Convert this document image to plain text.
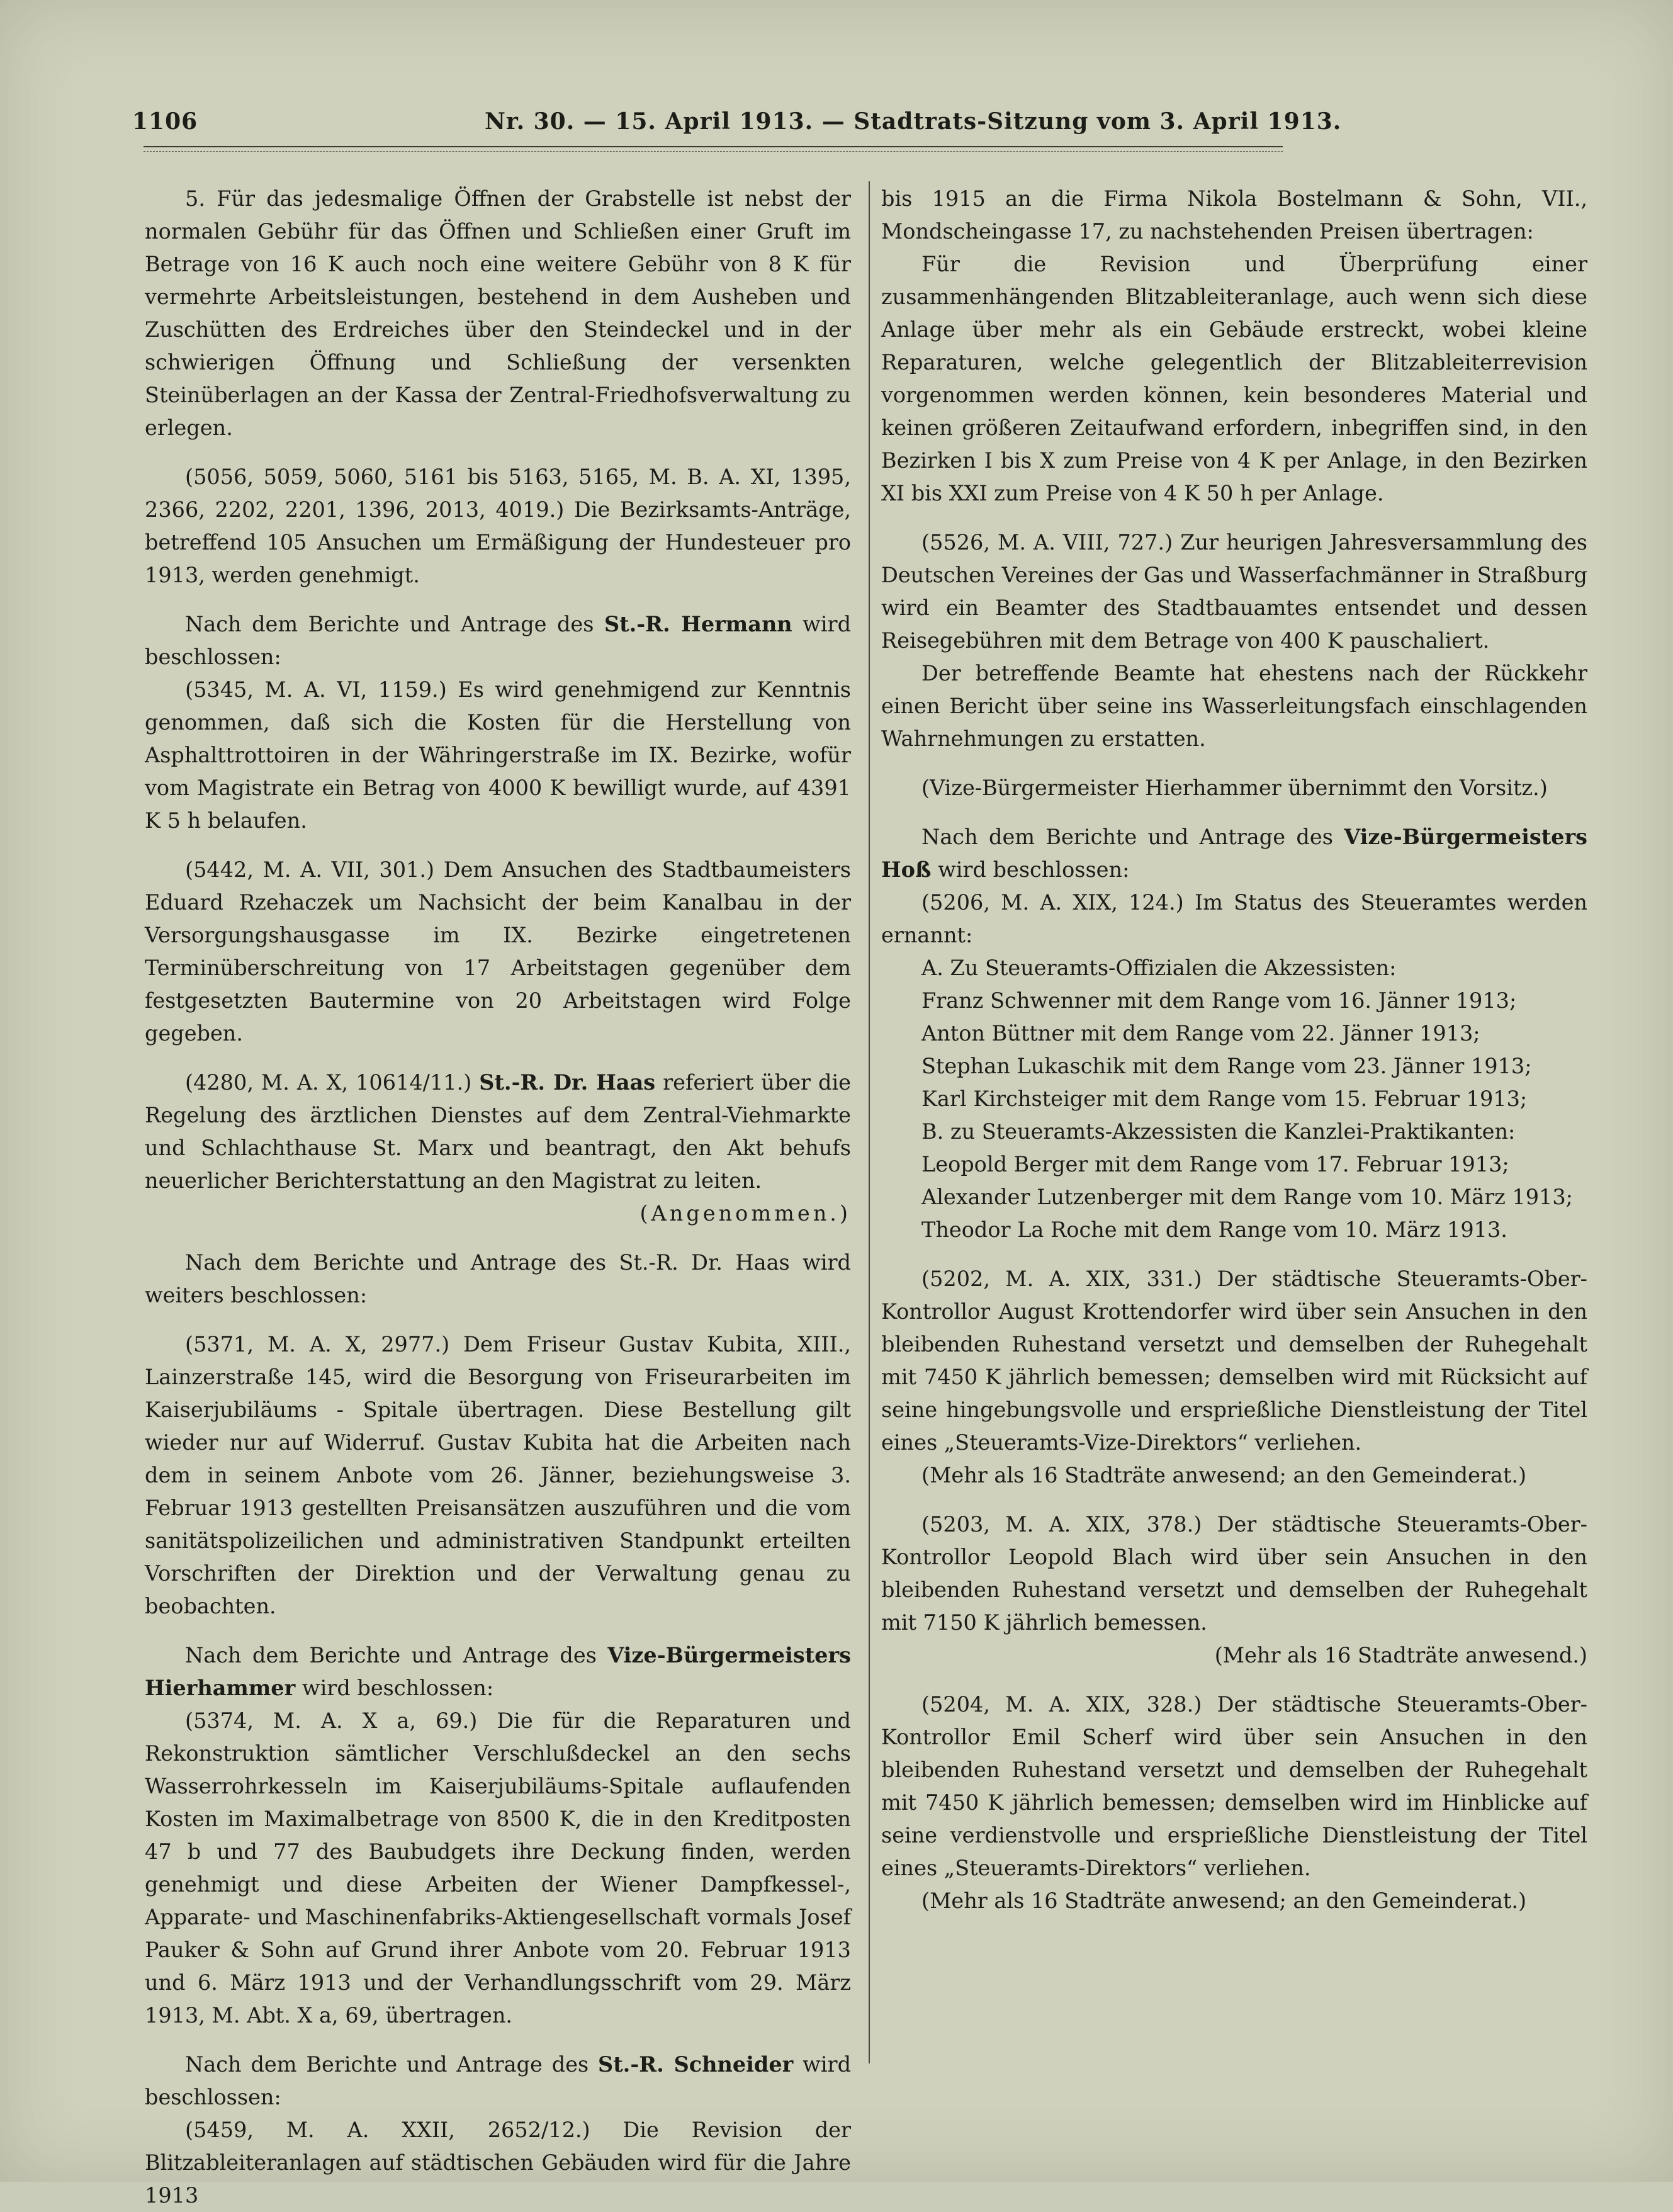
1106	Nr. 30. — 15. April 1913. — Stadtrats-Sitzung vom 3. April 1913.

5. Für das jedesmalige Öffnen der Grabstelle ist nebst der normalen Gebühr für das Öffnen und Schließen einer Gruft im Betrage von 16 K auch noch eine weitere Gebühr von 8 K für vermehrte Arbeitsleistungen, bestehend in dem Ausheben und Zuschütten des Erdreiches über den Steindeckel und in der schwierigen Öffnung und Schließung der versenkten Steinüberlagen an der Kassa der Zentral-Friedhofsverwaltung zu erlegen.

(5056, 5059, 5060, 5161 bis 5163, 5165, M. B. A. XI, 1395, 2366, 2202, 2201, 1396, 2013, 4019.) Die Bezirksamts-Anträge, betreffend 105 Ansuchen um Ermäßigung der Hundesteuer pro 1913, werden genehmigt.

Nach dem Berichte und Antrage des St.-R. Hermann wird beschlossen:

(5345, M. A. VI, 1159.) Es wird genehmigend zur Kenntnis genommen, daß sich die Kosten für die Herstellung von Asphalttrottoiren in der Währingerstraße im IX. Bezirke, wofür vom Magistrate ein Betrag von 4000 K bewilligt wurde, auf 4391 K 5 h belaufen.

(5442, M. A. VII, 301.) Dem Ansuchen des Stadtbaumeisters Eduard Rzehaczek um Nachsicht der beim Kanalbau in der Versorgungshausgasse im IX. Bezirke eingetretenen Terminüberschreitung von 17 Arbeitstagen gegenüber dem festgesetzten Bautermine von 20 Arbeitstagen wird Folge gegeben.

(4280, M. A. X, 10614/11.) St.-R. Dr. Haas referiert über die Regelung des ärztlichen Dienstes auf dem Zentral-Viehmarkte und Schlachthause St. Marx und beantragt, den Akt behufs neuerlicher Berichterstattung an den Magistrat zu leiten.

(Angenommen.)

Nach dem Berichte und Antrage des St.-R. Dr. Haas wird weiters beschlossen:

(5371, M. A. X, 2977.) Dem Friseur Gustav Kubita, XIII., Lainzerstraße 145, wird die Besorgung von Friseurarbeiten im Kaiserjubiläums - Spitale übertragen. Diese Bestellung gilt wieder nur auf Widerruf. Gustav Kubita hat die Arbeiten nach dem in seinem Anbote vom 26. Jänner, beziehungsweise 3. Februar 1913 gestellten Preisansätzen auszuführen und die vom sanitätspolizeilichen und administrativen Standpunkt erteilten Vorschriften der Direktion und der Verwaltung genau zu beobachten.

Nach dem Berichte und Antrage des Vize-Bürgermeisters Hierhammer wird beschlossen:

(5374, M. A. X a, 69.) Die für die Reparaturen und Rekonstruktion sämtlicher Verschlußdeckel an den sechs Wasserrohrkesseln im Kaiserjubiläums-Spitale auflaufenden Kosten im Maximalbetrage von 8500 K, die in den Kreditposten 47 b und 77 des Baubudgets ihre Deckung finden, werden genehmigt und diese Arbeiten der Wiener Dampfkessel-, Apparate- und Maschinenfabriks-Aktiengesellschaft vormals Josef Pauker & Sohn auf Grund ihrer Anbote vom 20. Februar 1913 und 6. März 1913 und der Verhandlungsschrift vom 29. März 1913, M. Abt. X a, 69, übertragen.

Nach dem Berichte und Antrage des St.-R. Schneider wird beschlossen:

(5459, M. A. XXII, 2652/12.) Die Revision der Blitzableiteranlagen auf städtischen Gebäuden wird für die Jahre 1913

bis 1915 an die Firma Nikola Bostelmann & Sohn, VII., Mondscheingasse 17, zu nachstehenden Preisen übertragen:

Für die Revision und Überprüfung einer zusammenhängenden Blitzableiteranlage, auch wenn sich diese Anlage über mehr als ein Gebäude erstreckt, wobei kleine Reparaturen, welche gelegentlich der Blitzableiterrevision vorgenommen werden können, kein besonderes Material und keinen größeren Zeitaufwand erfordern, inbegriffen sind, in den Bezirken I bis X zum Preise von 4 K per Anlage, in den Bezirken XI bis XXI zum Preise von 4 K 50 h per Anlage.

(5526, M. A. VIII, 727.) Zur heurigen Jahresversammlung des Deutschen Vereines der Gas und Wasserfachmänner in Straßburg wird ein Beamter des Stadtbauamtes entsendet und dessen Reisegebühren mit dem Betrage von 400 K pauschaliert.

Der betreffende Beamte hat ehestens nach der Rückkehr einen Bericht über seine ins Wasserleitungsfach einschlagenden Wahrnehmungen zu erstatten.

(Vize-Bürgermeister Hierhammer übernimmt den Vorsitz.)

Nach dem Berichte und Antrage des Vize-Bürgermeisters Hoß wird beschlossen:

(5206, M. A. XIX, 124.) Im Status des Steueramtes werden ernannt:

A. Zu Steueramts-Offizialen die Akzessisten:

Franz Schwenner mit dem Range vom 16. Jänner 1913;

Anton Büttner mit dem Range vom 22. Jänner 1913;

Stephan Lukaschik mit dem Range vom 23. Jänner 1913;

Karl Kirchsteiger mit dem Range vom 15. Februar 1913;

B. zu Steueramts-Akzessisten die Kanzlei-Praktikanten:

Leopold Berger mit dem Range vom 17. Februar 1913;

Alexander Lutzenberger mit dem Range vom 10. März 1913;

Theodor La Roche mit dem Range vom 10. März 1913.

(5202, M. A. XIX, 331.) Der städtische Steueramts-Ober-Kontrollor August Krottendorfer wird über sein Ansuchen in den bleibenden Ruhestand versetzt und demselben der Ruhegehalt mit 7450 K jährlich bemessen; demselben wird mit Rücksicht auf seine hingebungsvolle und ersprießliche Dienstleistung der Titel eines „Steueramts-Vize-Direktors“ verliehen.

(Mehr als 16 Stadträte anwesend; an den Gemeinderat.)

(5203, M. A. XIX, 378.) Der städtische Steueramts-Ober-Kontrollor Leopold Blach wird über sein Ansuchen in den bleibenden Ruhestand versetzt und demselben der Ruhegehalt mit 7150 K jährlich bemessen.

(Mehr als 16 Stadträte anwesend.)

(5204, M. A. XIX, 328.) Der städtische Steueramts-Ober-Kontrollor Emil Scherf wird über sein Ansuchen in den bleibenden Ruhestand versetzt und demselben der Ruhegehalt mit 7450 K jährlich bemessen; demselben wird im Hinblicke auf seine verdienstvolle und ersprießliche Dienstleistung der Titel eines „Steueramts-Direktors“ verliehen.

(Mehr als 16 Stadträte anwesend; an den Gemeinderat.)
